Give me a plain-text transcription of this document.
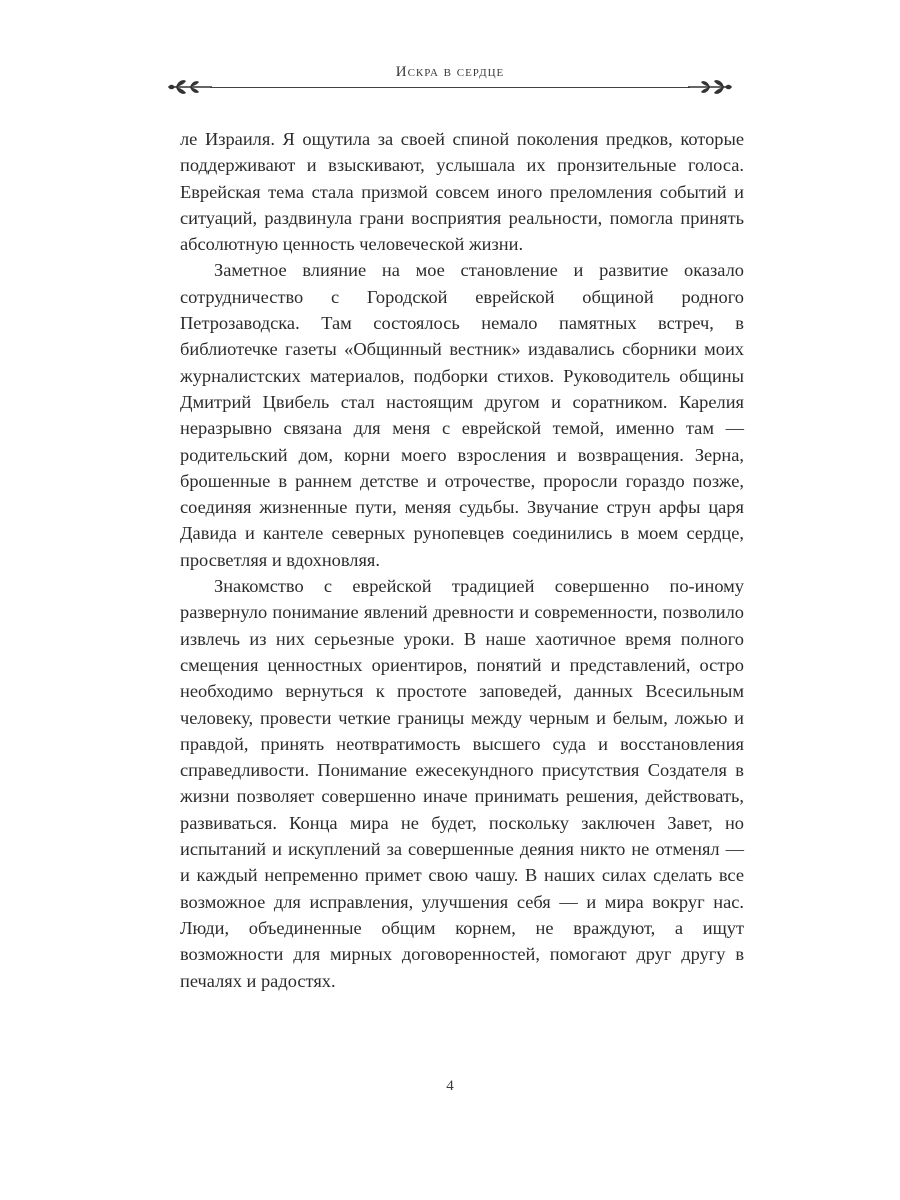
Искра в сердце

ле Израиля. Я ощутила за своей спиной поколения предков, которые поддерживают и взыскивают, услышала их пронзительные голоса. Еврейская тема стала призмой совсем иного преломления событий и ситуаций, раздвинула грани восприятия реальности, помогла принять абсолютную ценность человеческой жизни.

Заметное влияние на мое становление и развитие оказало сотрудничество с Городской еврейской общиной родного Петрозаводска. Там состоялось немало памятных встреч, в библиотечке газеты «Общинный вестник» издавались сборники моих журналистских материалов, подборки стихов. Руководитель общины Дмитрий Цвибель стал настоящим другом и соратником. Карелия неразрывно связана для меня с еврейской темой, именно там — родительский дом, корни моего взросления и возвращения. Зерна, брошенные в раннем детстве и отрочестве, проросли гораздо позже, соединяя жизненные пути, меняя судьбы. Звучание струн арфы царя Давида и кантеле северных рунопевцев соединились в моем сердце, просветляя и вдохновляя.

Знакомство с еврейской традицией совершенно по-иному развернуло понимание явлений древности и современности, позволило извлечь из них серьезные уроки. В наше хаотичное время полного смещения ценностных ориентиров, понятий и представлений, остро необходимо вернуться к простоте заповедей, данных Всесильным человеку, провести четкие границы между черным и белым, ложью и правдой, принять неотвратимость высшего суда и восстановления справедливости. Понимание ежесекундного присутствия Создателя в жизни позволяет совершенно иначе принимать решения, действовать, развиваться. Конца мира не будет, поскольку заключен Завет, но испытаний и искуплений за совершенные деяния никто не отменял — и каждый непременно примет свою чашу. В наших силах сделать все возможное для исправления, улучшения себя — и мира вокруг нас. Люди, объединенные общим корнем, не враждуют, а ищут возможности для мирных договоренностей, помогают друг другу в печалях и радостях.

4
